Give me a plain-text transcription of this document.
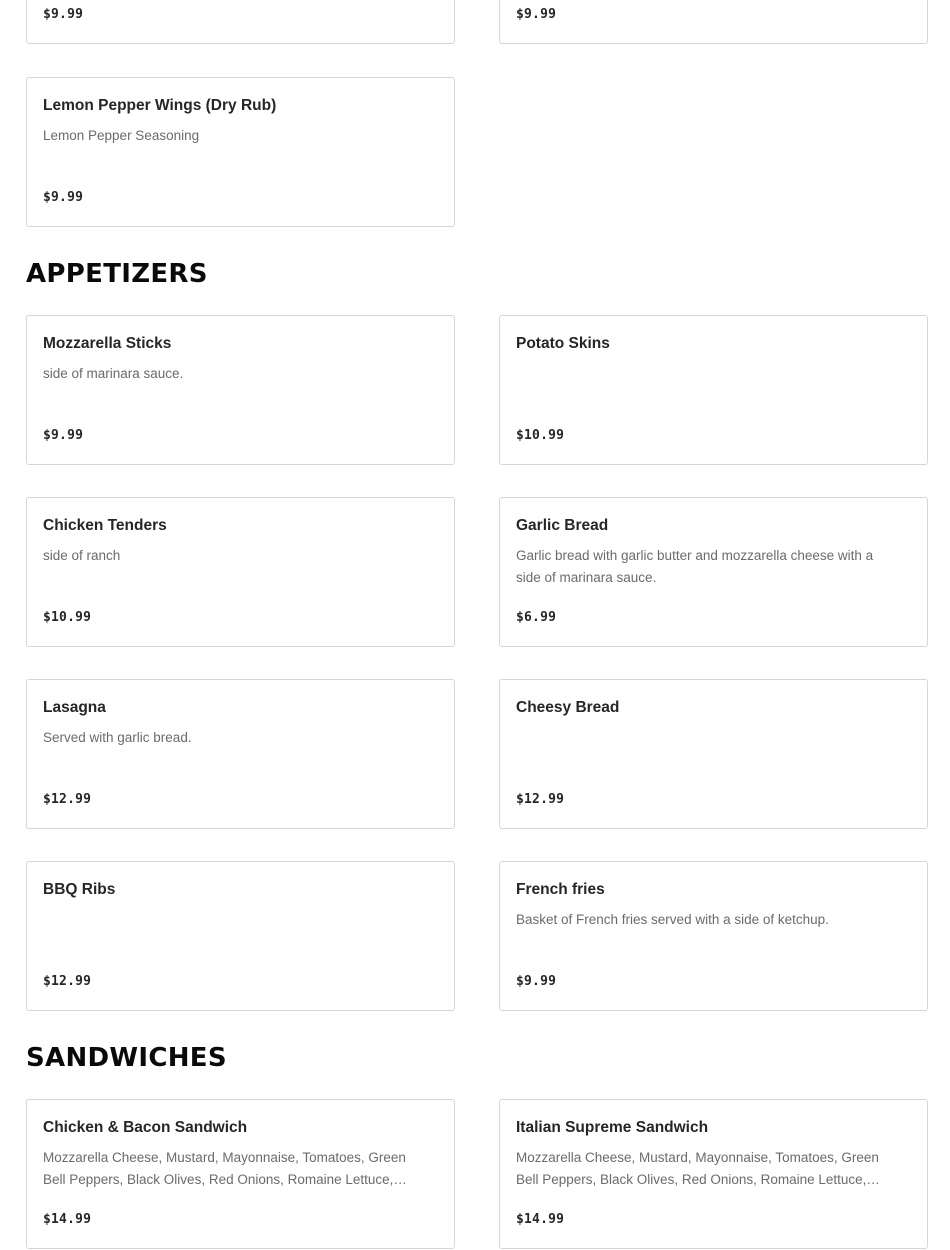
$9.99	$9.99
Lemon Pepper Wings (Dry Rub)
Lemon Pepper Seasoning
$9.99
APPETIZERS
Mozzarella Sticks
side of marinara sauce.
$9.99
Potato Skins
$10.99
Chicken Tenders
side of ranch
$10.99
Garlic Bread
Garlic bread with garlic butter and mozzarella cheese with a side of marinara sauce.
$6.99
Lasagna
Served with garlic bread.
$12.99
Cheesy Bread
$12.99
BBQ Ribs
$12.99
French fries
Basket of French fries served with a side of ketchup.
$9.99
SANDWICHES
Chicken & Bacon Sandwich
Mozzarella Cheese, Mustard, Mayonnaise, Tomatoes, Green Bell Peppers, Black Olives, Red Onions, Romaine Lettuce,…
$14.99
Italian Supreme Sandwich
Mozzarella Cheese, Mustard, Mayonnaise, Tomatoes, Green Bell Peppers, Black Olives, Red Onions, Romaine Lettuce,…
$14.99
